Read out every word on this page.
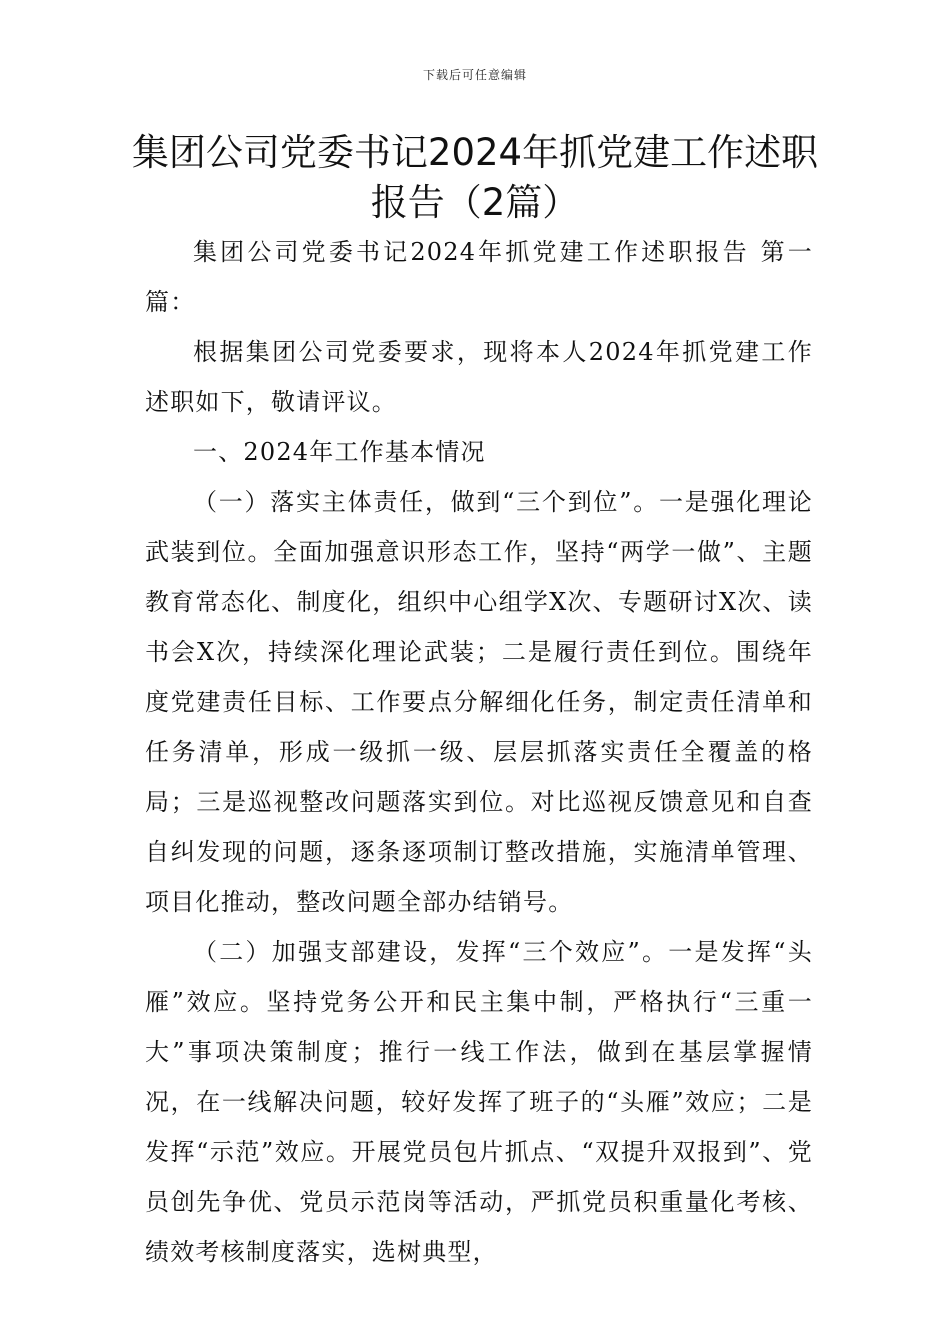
下载后可任意编辑
集团公司党委书记2024年抓党建工作述职
报告（2篇）

集团公司党委书记2024年抓党建工作述职报告 第一篇：

根据集团公司党委要求，现将本人2024年抓党建工作述职如下，敬请评议。

一、2024年工作基本情况

（一）落实主体责任，做到“三个到位”。一是强化理论武装到位。全面加强意识形态工作，坚持“两学一做”、主题教育常态化、制度化，组织中心组学X次、专题研讨X次、读书会X次，持续深化理论武装；二是履行责任到位。围绕年度党建责任目标、工作要点分解细化任务，制定责任清单和任务清单，形成一级抓一级、层层抓落实责任全覆盖的格局；三是巡视整改问题落实到位。对比巡视反馈意见和自查自纠发现的问题，逐条逐项制订整改措施，实施清单管理、项目化推动，整改问题全部办结销号。

（二）加强支部建设，发挥“三个效应”。一是发挥“头雁”效应。坚持党务公开和民主集中制，严格执行“三重一大”事项决策制度；推行一线工作法，做到在基层掌握情况，在一线解决问题，较好发挥了班子的“头雁”效应；二是发挥“示范”效应。开展党员包片抓点、“双提升双报到”、党员创先争优、党员示范岗等活动，严抓党员积重量化考核、绩效考核制度落实，选树典型，
